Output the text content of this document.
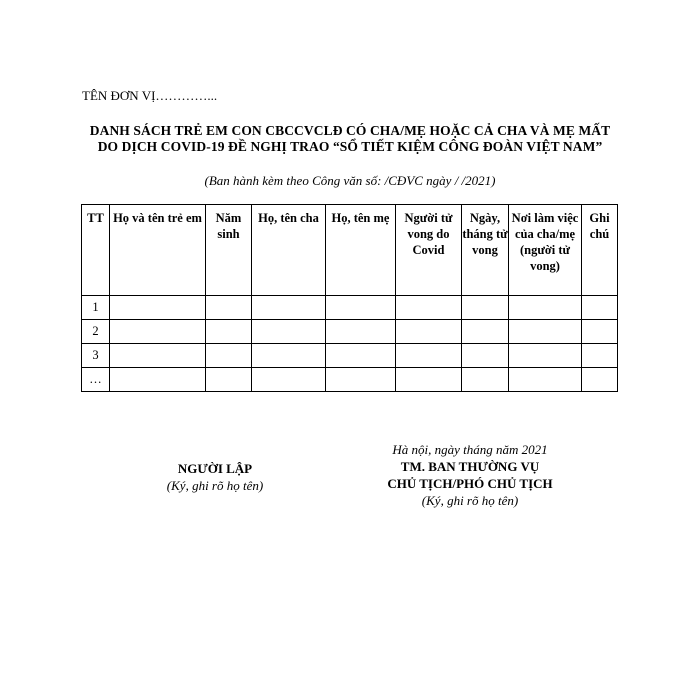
TÊN ĐƠN VỊ…………...
DANH SÁCH TRẺ EM CON CBCCVCLĐ CÓ CHA/MẸ HOẶC CẢ CHA VÀ MẸ MẤT
DO DỊCH COVID-19 ĐỀ NGHỊ TRAO “SỔ TIẾT KIỆM CÔNG ĐOÀN VIỆT NAM”
(Ban hành kèm theo Công văn số: /CĐVC ngày / /2021)
TT	Họ và tên trẻ em	Năm sinh	Họ, tên cha	Họ, tên mẹ	Người tử vong do Covid	Ngày, tháng tử vong	Nơi làm việc của cha/mẹ (người tử vong)	Ghi chú
1								
2								
3								
…								
NGƯỜI LẬP
(Ký, ghi rõ họ tên)
Hà nội, ngày tháng năm 2021
TM. BAN THƯỜNG VỤ
CHỦ TỊCH/PHÓ CHỦ TỊCH
(Ký, ghi rõ họ tên)
